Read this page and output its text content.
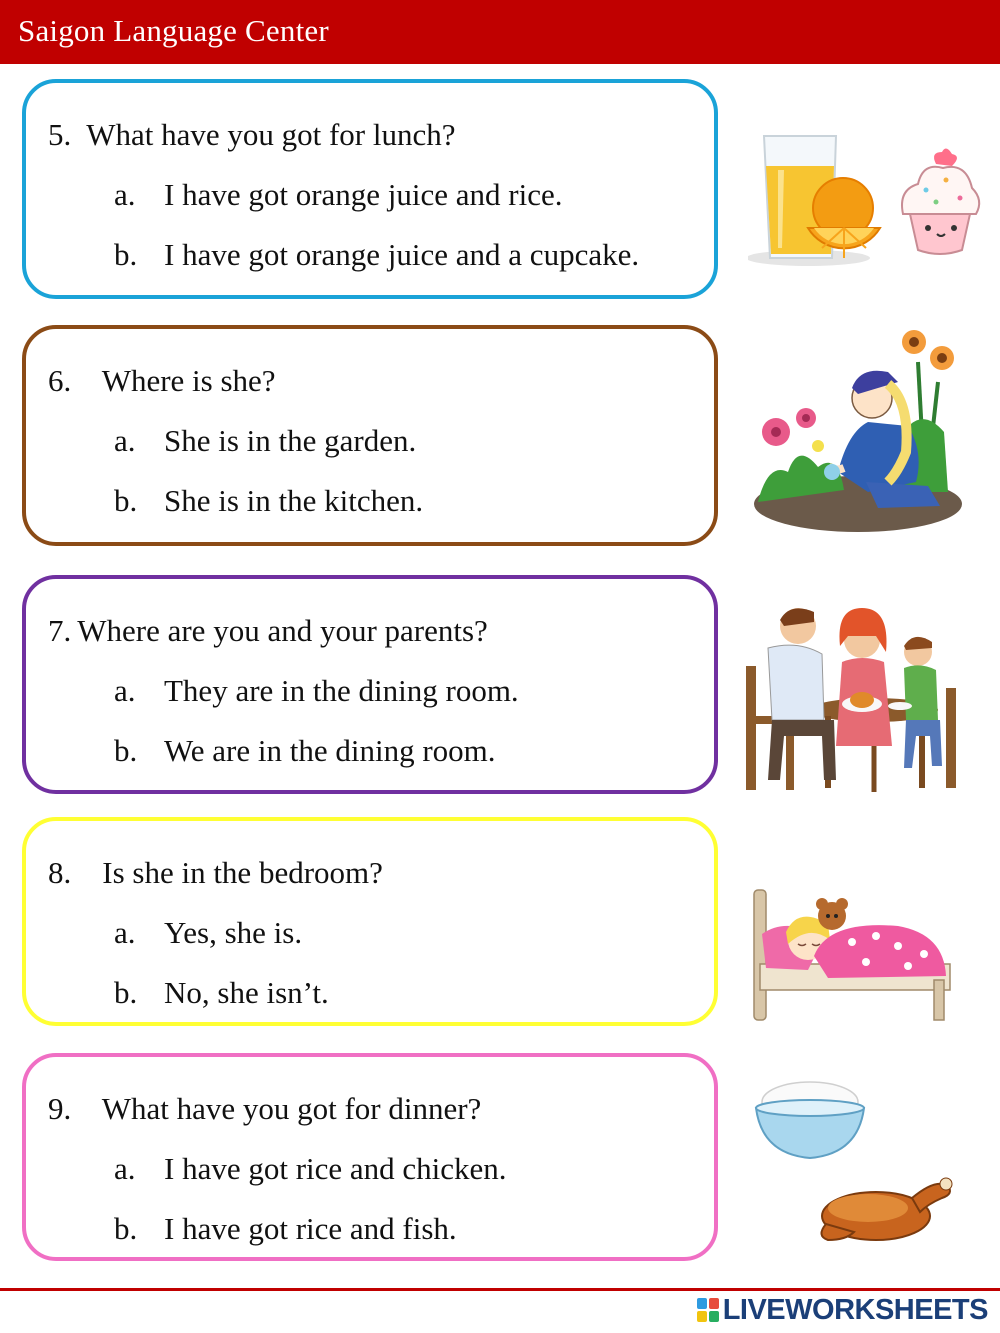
Saigon Language Center
5. What have you got for lunch?
a. I have got orange juice and rice.
b. I have got orange juice and a cupcake.
6. Where is she?
a. She is in the garden.
b. She is in the kitchen.
7. Where are you and your parents?
a. They are in the dining room.
b. We are in the dining room.
8. Is she in the bedroom?
a. Yes, she is.
b. No, she isn’t.
9. What have you got for dinner?
a. I have got rice and chicken.
b. I have got rice and fish.
LIVEWORKSHEETS
